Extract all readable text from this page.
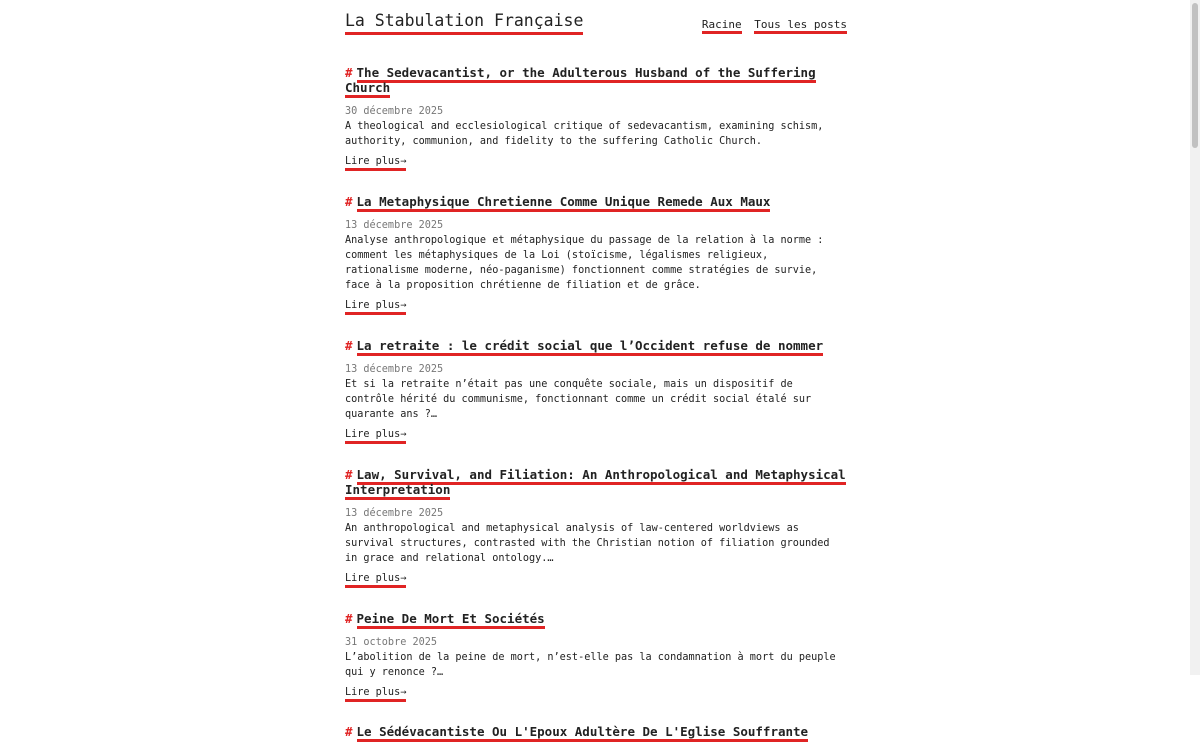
La Stabulation Française	Racine Tous les posts
# The Sedevacantist, or the Adulterous Husband of the Suffering Church
30 décembre 2025

A theological and ecclesiological critique of sedevacantism, examining schism, authority, communion, and fidelity to the suffering Catholic Church.

Lire plus→
# La Metaphysique Chretienne Comme Unique Remede Aux Maux
13 décembre 2025

Analyse anthropologique et métaphysique du passage de la relation à la norme : comment les métaphysiques de la Loi (stoïcisme, légalismes religieux, rationalisme moderne, néo-paganisme) fonctionnent comme stratégies de survie, face à la proposition chrétienne de filiation et de grâce.

Lire plus→
# La retraite : le crédit social que l’Occident refuse de nommer
13 décembre 2025

Et si la retraite n’était pas une conquête sociale, mais un dispositif de contrôle hérité du communisme, fonctionnant comme un crédit social étalé sur quarante ans ?…

Lire plus→
# Law, Survival, and Filiation: An Anthropological and Metaphysical Interpretation
13 décembre 2025

An anthropological and metaphysical analysis of law-centered worldviews as survival structures, contrasted with the Christian notion of filiation grounded in grace and relational ontology.…

Lire plus→
# Peine De Mort Et Sociétés
31 octobre 2025

L’abolition de la peine de mort, n’est-elle pas la condamnation à mort du peuple qui y renonce ?…

Lire plus→
# Le Sédévacantiste Ou L'Epoux Adultère De L'Eglise Souffrante
